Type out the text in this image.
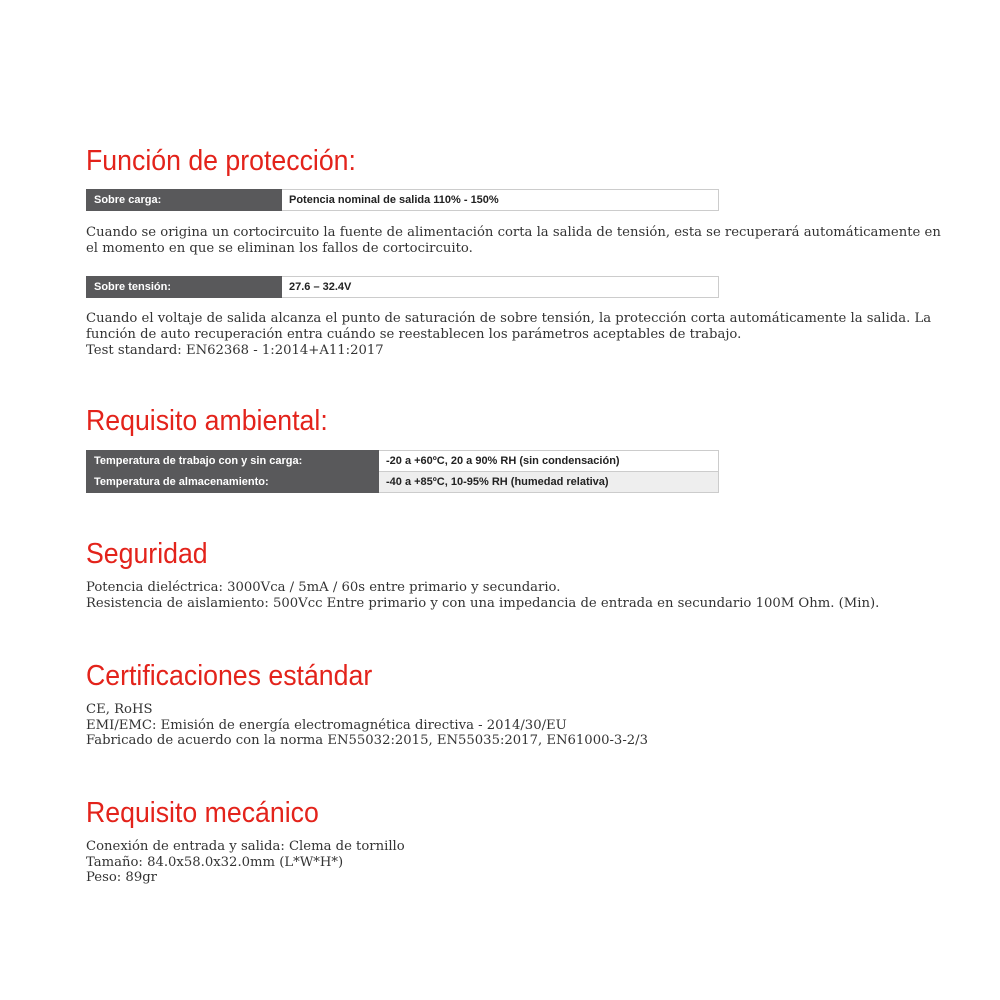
Función de protección:
Sobre carga:	Potencia nominal de salida 110% - 150%
Cuando se origina un cortocircuito la fuente de alimentación corta la salida de tensión, esta se recuperará automáticamente en el momento en que se eliminan los fallos de cortocircuito.
Sobre tensión:	27.6 – 32.4V
Cuando el voltaje de salida alcanza el punto de saturación de sobre tensión, la protección corta automáticamente la salida. La función de auto recuperación entra cuándo se reestablecen los parámetros aceptables de trabajo.
Test standard: EN62368 - 1:2014+A11:2017
Requisito ambiental:
Temperatura de trabajo con y sin carga:	-20 a +60ºC, 20 a 90% RH (sin condensación)
Temperatura de almacenamiento:	-40 a +85ºC, 10-95% RH (humedad relativa)
Seguridad
Potencia dieléctrica: 3000Vca / 5mA / 60s entre primario y secundario.
Resistencia de aislamiento: 500Vcc Entre primario y con una impedancia de entrada en secundario 100M Ohm. (Min).
Certificaciones estándar
CE, RoHS
EMI/EMC: Emisión de energía electromagnética directiva - 2014/30/EU
Fabricado de acuerdo con la norma EN55032:2015, EN55035:2017, EN61000-3-2/3
Requisito mecánico
Conexión de entrada y salida: Clema de tornillo
Tamaño: 84.0x58.0x32.0mm (L*W*H*)
Peso: 89gr
